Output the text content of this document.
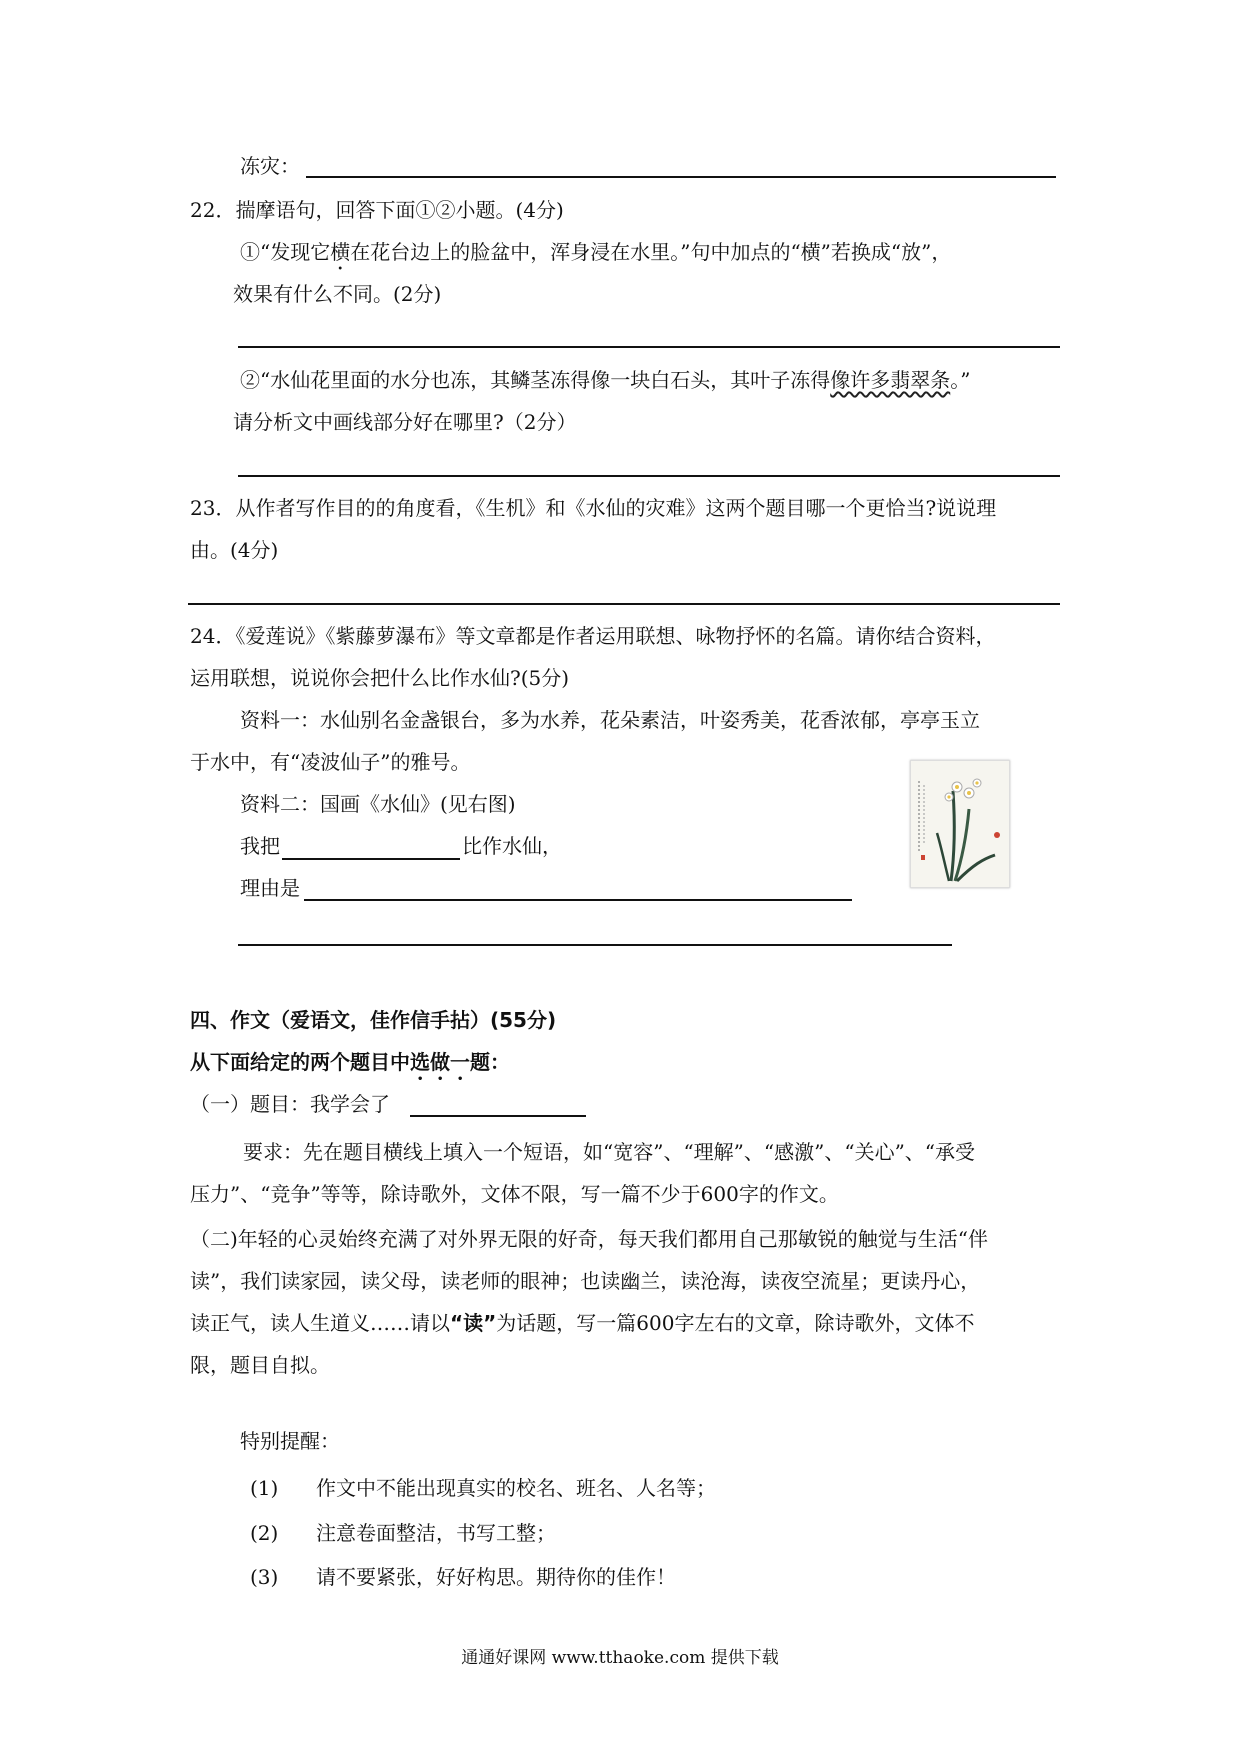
冻灾：
22．揣摩语句，回答下面①②小题。(4分)
①“发现它横在花台边上的脸盆中，浑身浸在水里。”句中加点的“横”若换成“放”，
效果有什么不同。(2分)
②“水仙花里面的水分也冻，其鳞茎冻得像一块白石头，其叶子冻得像许多翡翠条。”
请分析文中画线部分好在哪里?（2分）
23．从作者写作目的的角度看，《生机》和《水仙的灾难》这两个题目哪一个更恰当?说说理
由。(4分)
24．《爱莲说》《紫藤萝瀑布》等文章都是作者运用联想、咏物抒怀的名篇。请你结合资料，
运用联想，说说你会把什么比作水仙?(5分)
资料一：水仙别名金盏银台，多为水养，花朵素洁，叶姿秀美，花香浓郁，亭亭玉立
于水中，有“凌波仙子”的雅号。
资料二：国画《水仙》(见右图)
我把	比作水仙，
理由是
四、作文（爱语文，佳作信手拈）(55分)
从下面给定的两个题目中选做一题：
（一）题目：我学会了
要求：先在题目横线上填入一个短语，如“宽容”、“理解”、“感激”、“关心”、“承受
压力”、“竞争”等等，除诗歌外，文体不限，写一篇不少于600字的作文。
（二)年轻的心灵始终充满了对外界无限的好奇，每天我们都用自己那敏锐的触觉与生活“伴
读”，我们读家园，读父母，读老师的眼神；也读幽兰，读沧海，读夜空流星；更读丹心，
读正气，读人生道义……请以“读”为话题，写一篇600字左右的文章，除诗歌外，文体不
限，题目自拟。
特别提醒：
(1) 作文中不能出现真实的校名、班名、人名等；
(2) 注意卷面整洁，书写工整；
(3) 请不要紧张，好好构思。期待你的佳作！
通通好课网 www.tthaoke.com 提供下载
